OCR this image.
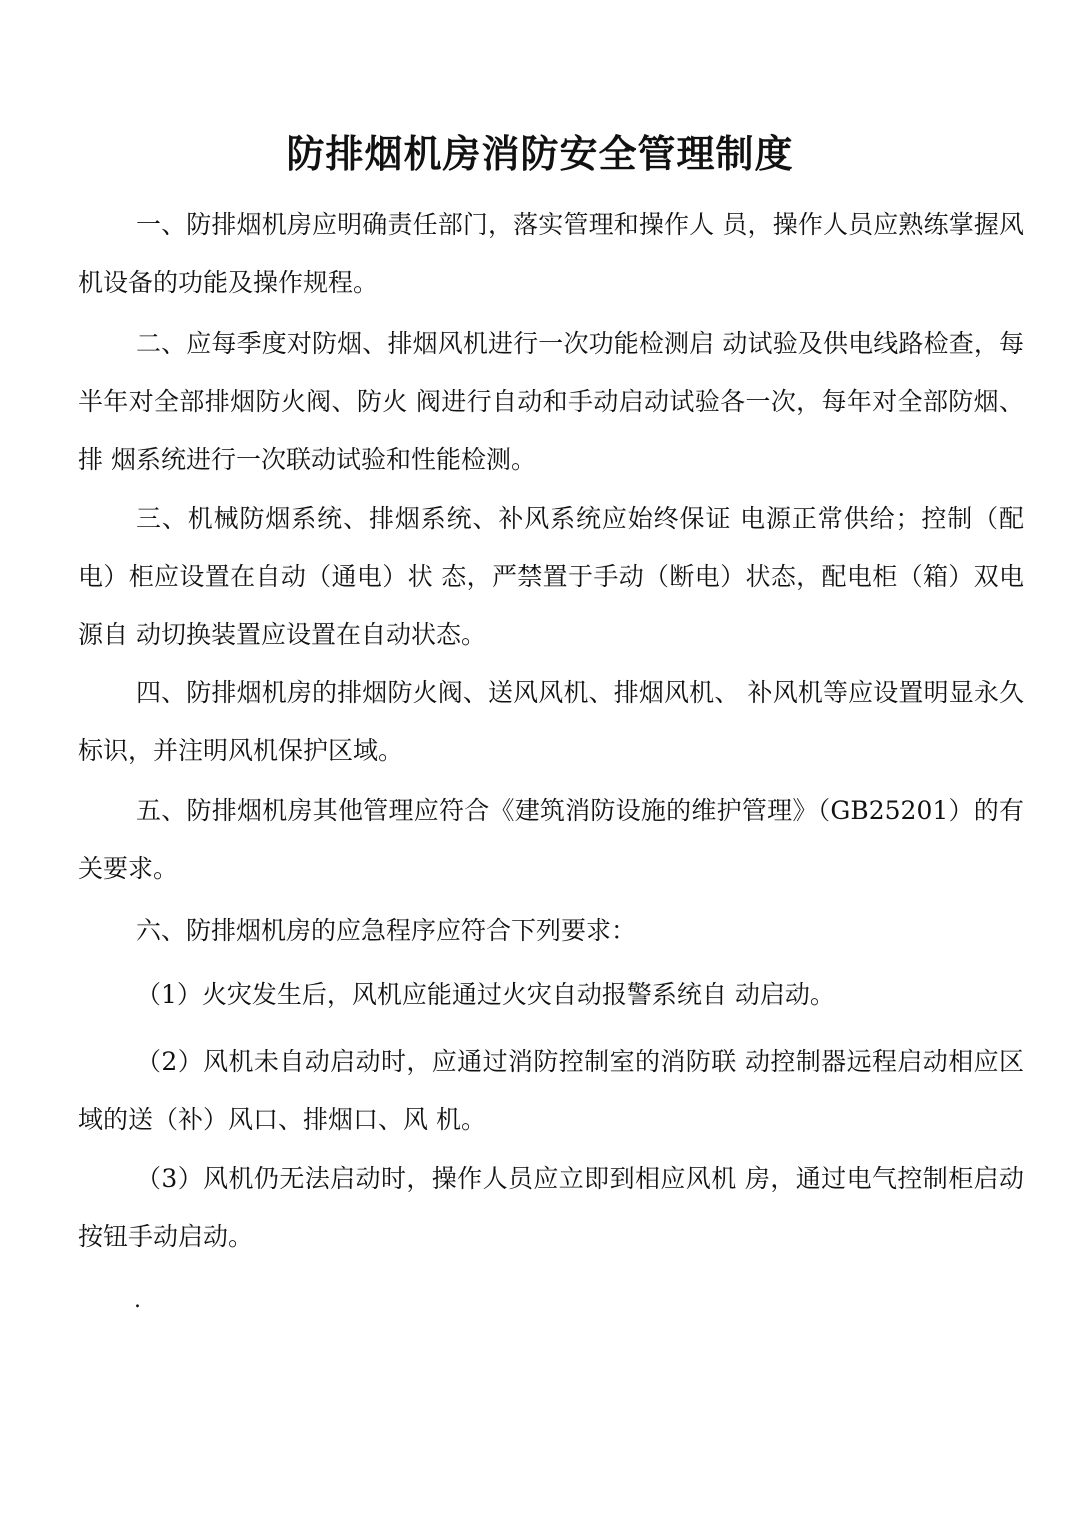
防排烟机房消防安全管理制度

一、防排烟机房应明确责任部门，落实管理和操作人 员，操作人员应熟练掌握风机设备的功能及操作规程。

二、应每季度对防烟、排烟风机进行一次功能检测启 动试验及供电线路检查，每半年对全部排烟防火阀、防火 阀进行自动和手动启动试验各一次，每年对全部防烟、排 烟系统进行一次联动试验和性能检测。

三、机械防烟系统、排烟系统、补风系统应始终保证 电源正常供给；控制（配电）柜应设置在自动（通电）状 态，严禁置于手动（断电）状态，配电柜（箱）双电源自 动切换装置应设置在自动状态。

四、防排烟机房的排烟防火阀、送风风机、排烟风机、 补风机等应设置明显永久标识，并注明风机保护区域。

五、防排烟机房其他管理应符合《建筑消防设施的维护管理》（GB25201）的有关要求。

六、防排烟机房的应急程序应符合下列要求：

（1）火灾发生后，风机应能通过火灾自动报警系统自 动启动。

（2）风机未自动启动时，应通过消防控制室的消防联 动控制器远程启动相应区域的送（补）风口、排烟口、风 机。

（3）风机仍无法启动时，操作人员应立即到相应风机 房，通过电气控制柜启动按钮手动启动。

.
